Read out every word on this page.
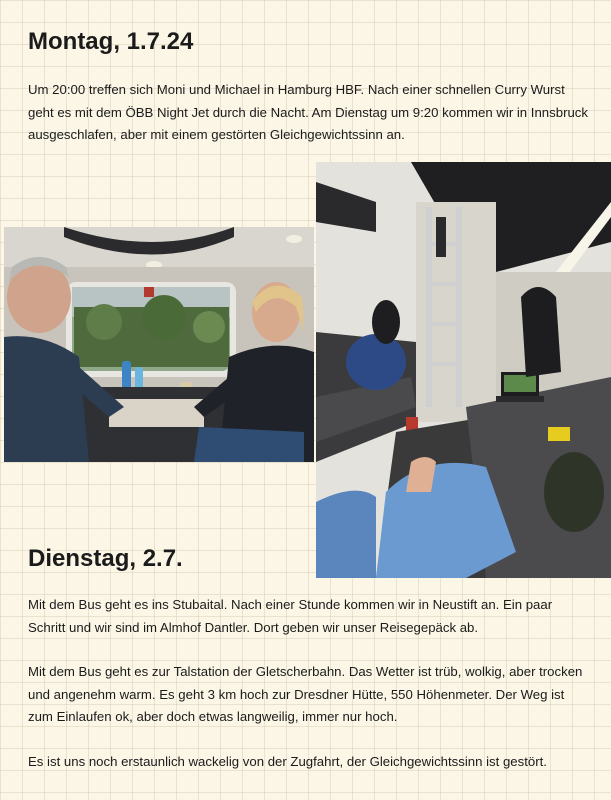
Montag, 1.7.24

Um 20:00 treffen sich Moni und Michael in Hamburg HBF. Nach einer schnellen Curry Wurst geht es mit dem ÖBB Night Jet durch die Nacht. Am Dienstag um 9:20 kommen wir in Innsbruck ausgeschlafen, aber mit einem gestörten Gleichgewichtssinn an.

Dienstag, 2.7.

Mit dem Bus geht es ins Stubaital. Nach einer Stunde kommen wir in Neustift an. Ein paar Schritt und wir sind im Almhof Dantler. Dort geben wir unser Reisegepäck ab.

Mit dem Bus geht es zur Talstation der Gletscherbahn. Das Wetter ist trüb, wolkig, aber trocken und angenehm warm. Es geht 3 km hoch zur Dresdner Hütte, 550 Höhenmeter. Der Weg ist zum Einlaufen ok, aber doch etwas langweilig, immer nur hoch.

Es ist uns noch erstaunlich wackelig von der Zugfahrt, der Gleichgewichtssinn ist gestört.
